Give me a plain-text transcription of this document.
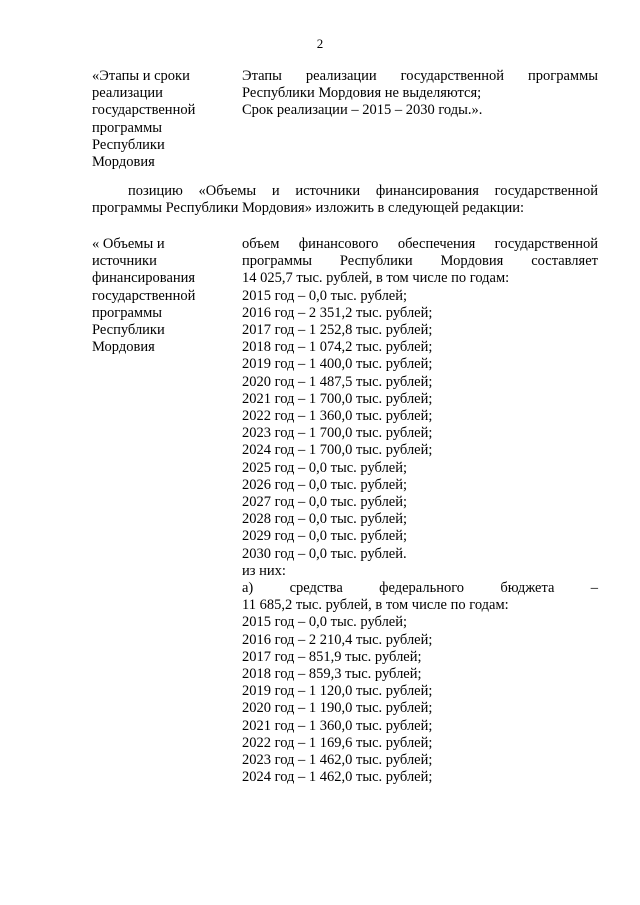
2
«Этапы и сроки
реализации
государственной
программы
Республики
Мордовия
Этапы реализации государственной программы
Республики Мордовия не выделяются;
Срок реализации – 2015 – 2030 годы.».
позицию «Объемы и источники финансирования государственной
программы Республики Мордовия» изложить в следующей редакции:
« Объемы и
источники
финансирования
государственной
программы
Республики
Мордовия
объем финансового обеспечения государственной
программы Республики Мордовия составляет
14 025,7 тыс. рублей, в том числе по годам:
2015 год – 0,0 тыс. рублей;
2016 год – 2 351,2 тыс. рублей;
2017 год – 1 252,8 тыс. рублей;
2018 год – 1 074,2 тыс. рублей;
2019 год – 1 400,0 тыс. рублей;
2020 год – 1 487,5 тыс. рублей;
2021 год – 1 700,0 тыс. рублей;
2022 год – 1 360,0 тыс. рублей;
2023 год – 1 700,0 тыс. рублей;
2024 год – 1 700,0 тыс. рублей;
2025 год – 0,0 тыс. рублей;
2026 год – 0,0 тыс. рублей;
2027 год – 0,0 тыс. рублей;
2028 год – 0,0 тыс. рублей;
2029 год – 0,0 тыс. рублей;
2030 год – 0,0 тыс. рублей.
из них:
а) средства федерального бюджета –
11 685,2 тыс. рублей, в том числе по годам:
2015 год – 0,0 тыс. рублей;
2016 год – 2 210,4 тыс. рублей;
2017 год – 851,9 тыс. рублей;
2018 год – 859,3 тыс. рублей;
2019 год – 1 120,0 тыс. рублей;
2020 год – 1 190,0 тыс. рублей;
2021 год – 1 360,0 тыс. рублей;
2022 год – 1 169,6 тыс. рублей;
2023 год – 1 462,0 тыс. рублей;
2024 год – 1 462,0 тыс. рублей;
